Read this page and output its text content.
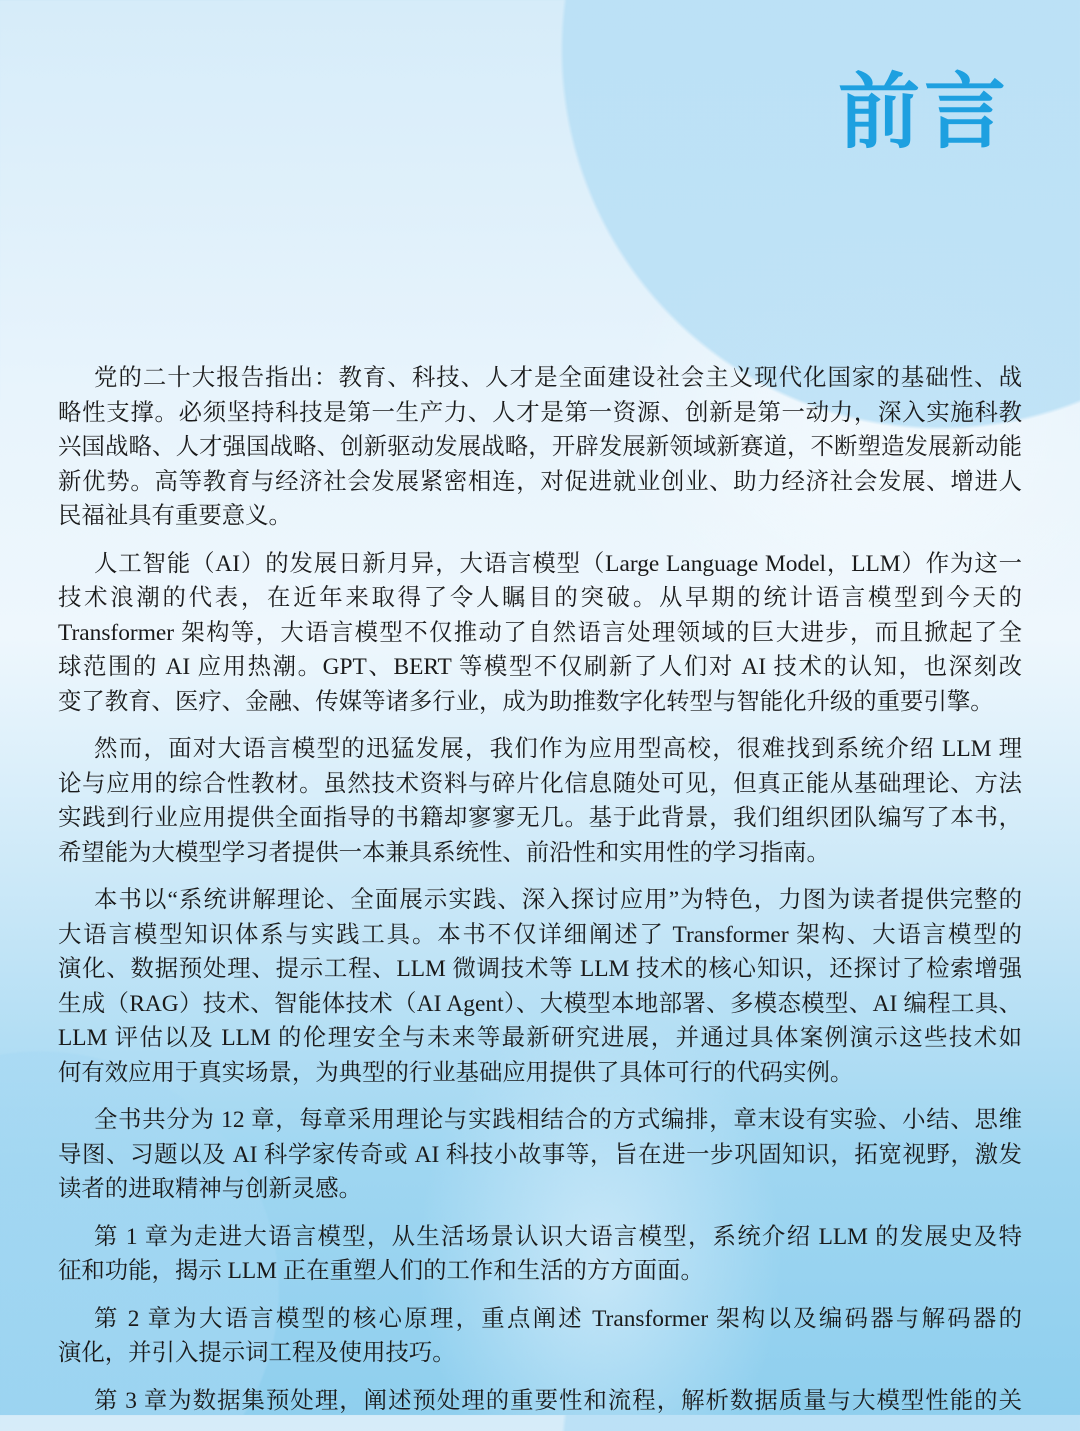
前言
党的二十大报告指出：教育、科技、人才是全面建设社会主义现代化国家的基础性、战
略性支撑。必须坚持科技是第一生产力、人才是第一资源、创新是第一动力，深入实施科教
兴国战略、人才强国战略、创新驱动发展战略，开辟发展新领域新赛道，不断塑造发展新动能
新优势。高等教育与经济社会发展紧密相连，对促进就业创业、助力经济社会发展、增进人
民福祉具有重要意义。
人工智能（AI）的发展日新月异，大语言模型（Large Language Model，LLM）作为这一
技术浪潮的代表，在近年来取得了令人瞩目的突破。从早期的统计语言模型到今天的
Transformer 架构等，大语言模型不仅推动了自然语言处理领域的巨大进步，而且掀起了全
球范围的 AI 应用热潮。GPT、BERT 等模型不仅刷新了人们对 AI 技术的认知，也深刻改
变了教育、医疗、金融、传媒等诸多行业，成为助推数字化转型与智能化升级的重要引擎。
然而，面对大语言模型的迅猛发展，我们作为应用型高校，很难找到系统介绍 LLM 理
论与应用的综合性教材。虽然技术资料与碎片化信息随处可见，但真正能从基础理论、方法
实践到行业应用提供全面指导的书籍却寥寥无几。基于此背景，我们组织团队编写了本书，
希望能为大模型学习者提供一本兼具系统性、前沿性和实用性的学习指南。
本书以“系统讲解理论、全面展示实践、深入探讨应用”为特色，力图为读者提供完整的
大语言模型知识体系与实践工具。本书不仅详细阐述了 Transformer 架构、大语言模型的
演化、数据预处理、提示工程、LLM 微调技术等 LLM 技术的核心知识，还探讨了检索增强
生成（RAG）技术、智能体技术（AI Agent）、大模型本地部署、多模态模型、AI 编程工具、
LLM 评估以及 LLM 的伦理安全与未来等最新研究进展，并通过具体案例演示这些技术如
何有效应用于真实场景，为典型的行业基础应用提供了具体可行的代码实例。
全书共分为 12 章，每章采用理论与实践相结合的方式编排，章末设有实验、小结、思维
导图、习题以及 AI 科学家传奇或 AI 科技小故事等，旨在进一步巩固知识，拓宽视野，激发
读者的进取精神与创新灵感。
第 1 章为走进大语言模型，从生活场景认识大语言模型，系统介绍 LLM 的发展史及特
征和功能，揭示 LLM 正在重塑人们的工作和生活的方方面面。
第 2 章为大语言模型的核心原理，重点阐述 Transformer 架构以及编码器与解码器的
演化，并引入提示词工程及使用技巧。
第 3 章为数据集预处理，阐述预处理的重要性和流程，解析数据质量与大模型性能的关
